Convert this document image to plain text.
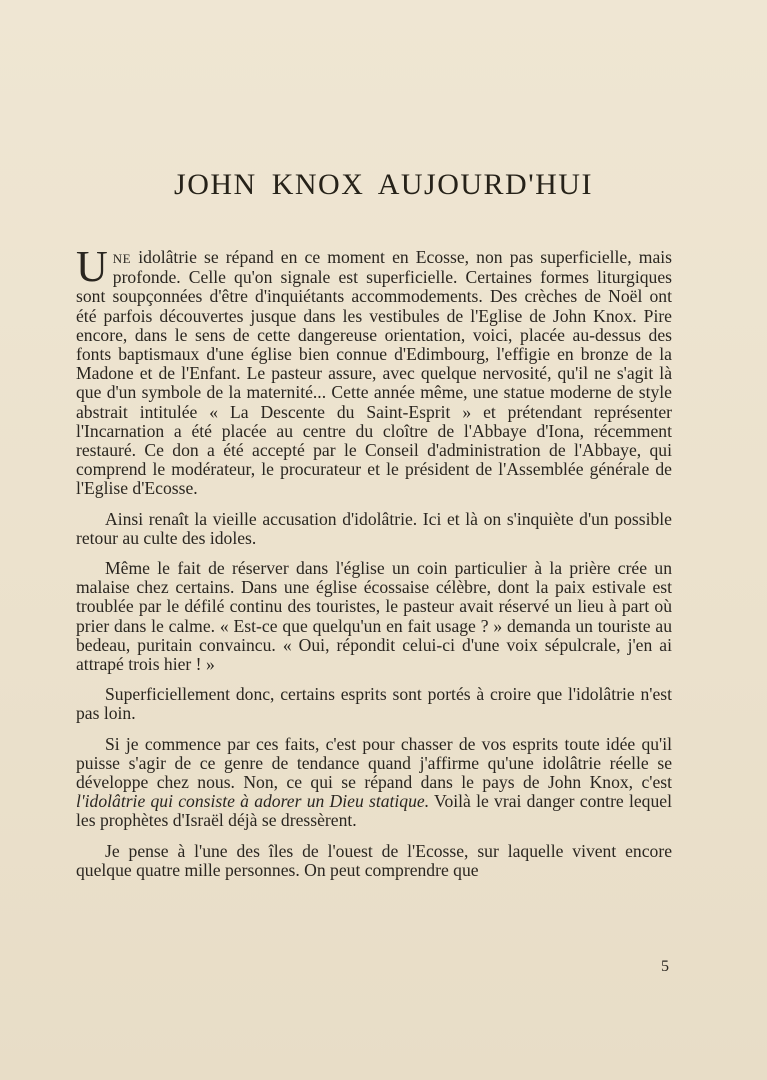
JOHN KNOX AUJOURD'HUI

UNE idolâtrie se répand en ce moment en Ecosse, non pas superficielle, mais profonde. Celle qu'on signale est superficielle. Certaines formes liturgiques sont soupçonnées d'être d'inquiétants accommodements. Des crèches de Noël ont été parfois découvertes jusque dans les vestibules de l'Eglise de John Knox. Pire encore, dans le sens de cette dangereuse orientation, voici, placée au-dessus des fonts baptismaux d'une église bien connue d'Edimbourg, l'effigie en bronze de la Madone et de l'Enfant. Le pasteur assure, avec quelque nervosité, qu'il ne s'agit là que d'un symbole de la maternité... Cette année même, une statue moderne de style abstrait intitulée « La Descente du Saint-Esprit » et prétendant représenter l'Incarnation a été placée au centre du cloître de l'Abbaye d'Iona, récemment restauré. Ce don a été accepté par le Conseil d'administration de l'Abbaye, qui comprend le modérateur, le procurateur et le président de l'Assemblée générale de l'Eglise d'Ecosse.

Ainsi renaît la vieille accusation d'idolâtrie. Ici et là on s'inquiète d'un possible retour au culte des idoles.

Même le fait de réserver dans l'église un coin particulier à la prière crée un malaise chez certains. Dans une église écossaise célèbre, dont la paix estivale est troublée par le défilé continu des touristes, le pasteur avait réservé un lieu à part où prier dans le calme. « Est-ce que quelqu'un en fait usage ? » demanda un touriste au bedeau, puritain convaincu. « Oui, répondit celui-ci d'une voix sépulcrale, j'en ai attrapé trois hier ! »

Superficiellement donc, certains esprits sont portés à croire que l'idolâtrie n'est pas loin.

Si je commence par ces faits, c'est pour chasser de vos esprits toute idée qu'il puisse s'agir de ce genre de tendance quand j'affirme qu'une idolâtrie réelle se développe chez nous. Non, ce qui se répand dans le pays de John Knox, c'est l'idolâtrie qui consiste à adorer un Dieu statique. Voilà le vrai danger contre lequel les prophètes d'Israël déjà se dressèrent.

Je pense à l'une des îles de l'ouest de l'Ecosse, sur laquelle vivent encore quelque quatre mille personnes. On peut comprendre que

5
